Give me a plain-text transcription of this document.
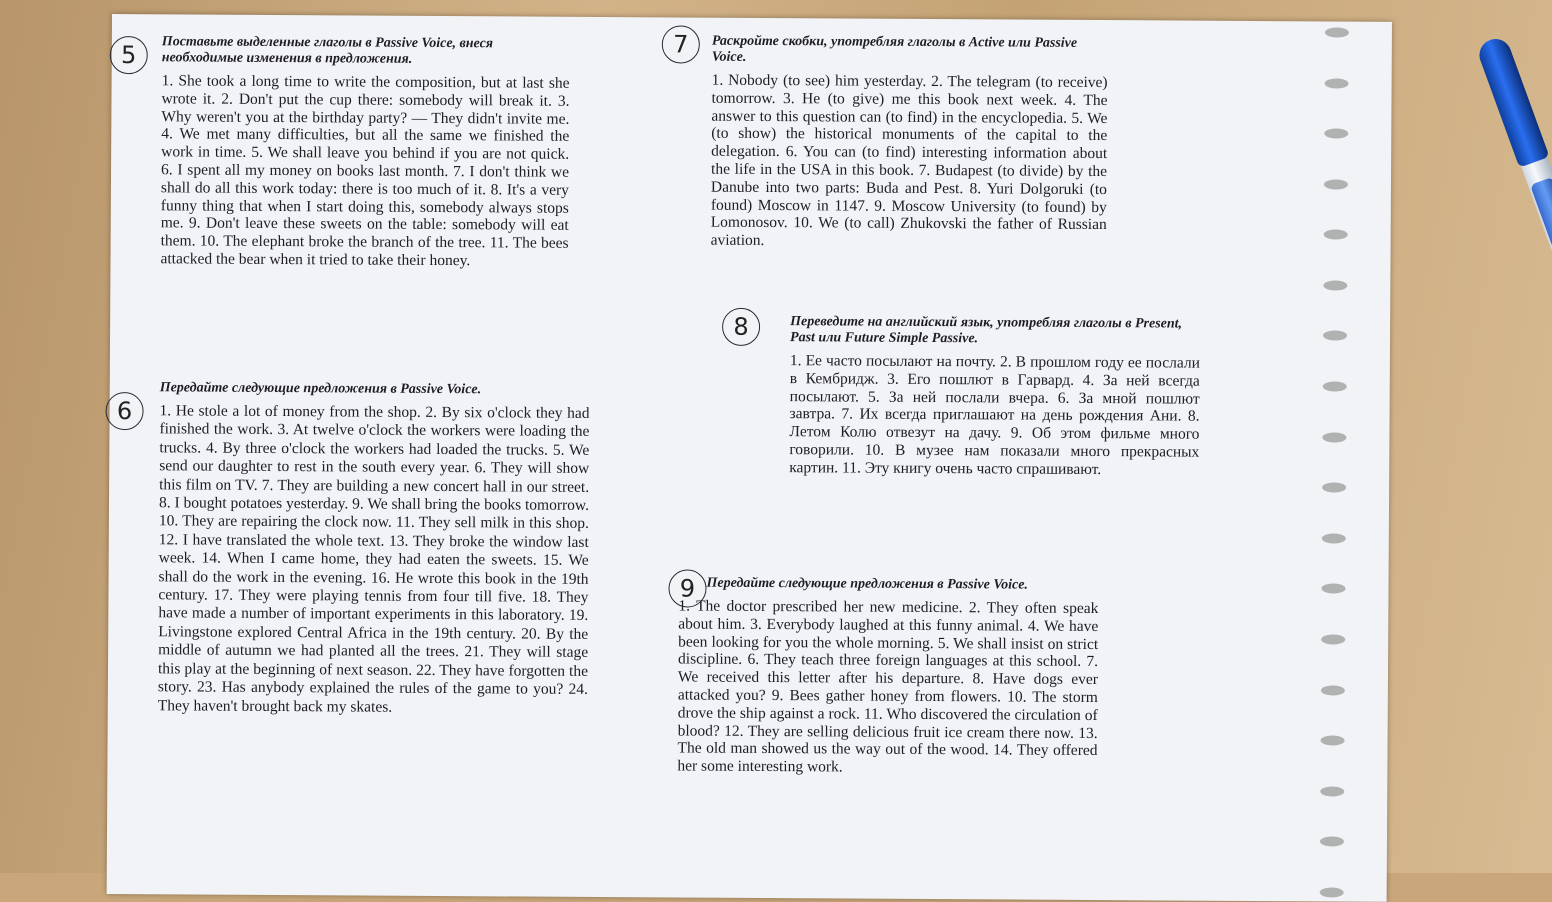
5	Поставьте выделенные глаголы в Passive Voice, внеся необходимые изменения в предложения.

1. She took a long time to write the composition, but at last she wrote it. 2. Don't put the cup there: somebody will break it. 3. Why weren't you at the birthday party? — They didn't invite me. 4. We met many difficulties, but all the same we finished the work in time. 5. We shall leave you behind if you are not quick. 6. I spent all my money on books last month. 7. I don't think we shall do all this work today: there is too much of it. 8. It's a very funny thing that when I start doing this, somebody always stops me. 9. Don't leave these sweets on the table: somebody will eat them. 10. The elephant broke the branch of the tree. 11. The bees attacked the bear when it tried to take their honey.

6

Передайте следующие предложения в Passive Voice.

1. He stole a lot of money from the shop. 2. By six o'clock they had finished the work. 3. At twelve o'clock the workers were loading the trucks. 4. By three o'clock the workers had loaded the trucks. 5. We send our daughter to rest in the south every year. 6. They will show this film on TV. 7. They are building a new concert hall in our street. 8. I bought potatoes yesterday. 9. We shall bring the books tomorrow. 10. They are repairing the clock now. 11. They sell milk in this shop. 12. I have translated the whole text. 13. They broke the window last week. 14. When I came home, they had eaten the sweets. 15. We shall do the work in the evening. 16. He wrote this book in the 19th century. 17. They were playing tennis from four till five. 18. They have made a number of important experiments in this laboratory. 19. Livingstone explored Central Africa in the 19th century. 20. By the middle of autumn we had planted all the trees. 21. They will stage this play at the beginning of next season. 22. They have forgotten the story. 23. Has anybody explained the rules of the game to you? 24. They haven't brought back my skates.

7	Раскройте скобки, употребляя глаголы в Active или Passive Voice.

1. Nobody (to see) him yesterday. 2. The telegram (to receive) tomorrow. 3. He (to give) me this book next week. 4. The answer to this question can (to find) in the encyclopedia. 5. We (to show) the historical monuments of the capital to the delegation. 6. You can (to find) interesting information about the life in the USA in this book. 7. Budapest (to divide) by the Danube into two parts: Buda and Pest. 8. Yuri Dolgoruki (to found) Moscow in 1147. 9. Moscow University (to found) by Lomonosov. 10. We (to call) Zhukovski the father of Russian aviation.

8	Переведите на английский язык, употребляя глаголы в Present, Past или Future Simple Passive.

1. Ее часто посылают на почту. 2. В прошлом году ее послали в Кембридж. 3. Его пошлют в Гарвард. 4. За ней всегда посылают. 5. За ней послали вчера. 6. За мной пошлют завтра. 7. Их всегда приглашают на день рождения Ани. 8. Летом Колю отвезут на дачу. 9. Об этом фильме много говорили. 10. В музее нам показали много прекрасных картин. 11. Эту книгу очень часто спрашивают.

9 Передайте следующие предложения в Passive Voice.

1. The doctor prescribed her new medicine. 2. They often speak about him. 3. Everybody laughed at this funny animal. 4. We have been looking for you the whole morning. 5. We shall insist on strict discipline. 6. They teach three foreign languages at this school. 7. We received this letter after his departure. 8. Have dogs ever attacked you? 9. Bees gather honey from flowers. 10. The storm drove the ship against a rock. 11. Who discovered the circulation of blood? 12. They are selling delicious fruit ice cream there now. 13. The old man showed us the way out of the wood. 14. They offered her some interesting work.
